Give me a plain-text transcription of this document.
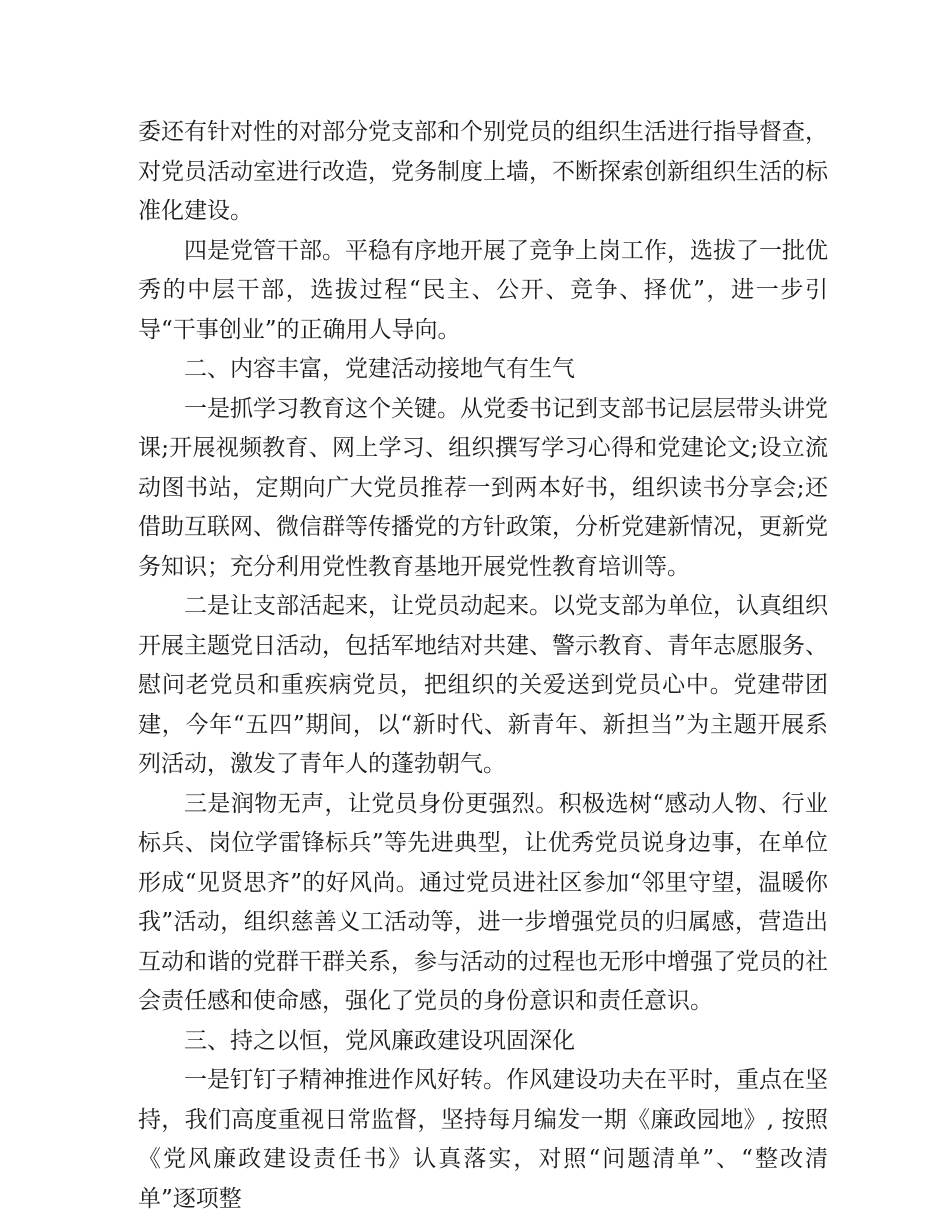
委还有针对性的对部分党支部和个别党员的组织生活进行指导督查，对党员活动室进行改造，党务制度上墙，不断探索创新组织生活的标准化建设。

四是党管干部。平稳有序地开展了竞争上岗工作，选拔了一批优秀的中层干部，选拔过程“民主、公开、竞争、择优”，进一步引导“干事创业”的正确用人导向。

二、内容丰富，党建活动接地气有生气

一是抓学习教育这个关键。从党委书记到支部书记层层带头讲党课;开展视频教育、网上学习、组织撰写学习心得和党建论文;设立流动图书站，定期向广大党员推荐一到两本好书，组织读书分享会;还借助互联网、微信群等传播党的方针政策，分析党建新情况，更新党务知识；充分利用党性教育基地开展党性教育培训等。

二是让支部活起来，让党员动起来。以党支部为单位，认真组织开展主题党日活动，包括军地结对共建、警示教育、青年志愿服务、慰问老党员和重疾病党员，把组织的关爱送到党员心中。党建带团建，今年“五四”期间，以“新时代、新青年、新担当”为主题开展系列活动，激发了青年人的蓬勃朝气。

三是润物无声，让党员身份更强烈。积极选树“感动人物、行业标兵、岗位学雷锋标兵”等先进典型，让优秀党员说身边事，在单位形成“见贤思齐”的好风尚。通过党员进社区参加“邻里守望，温暖你我”活动，组织慈善义工活动等，进一步增强党员的归属感，营造出互动和谐的党群干群关系，参与活动的过程也无形中增强了党员的社会责任感和使命感，强化了党员的身份意识和责任意识。

三、持之以恒，党风廉政建设巩固深化

一是钉钉子精神推进作风好转。作风建设功夫在平时，重点在坚持，我们高度重视日常监督，坚持每月编发一期《廉政园地》, 按照《党风廉政建设责任书》认真落实，对照“问题清单”、“整改清单”逐项整
